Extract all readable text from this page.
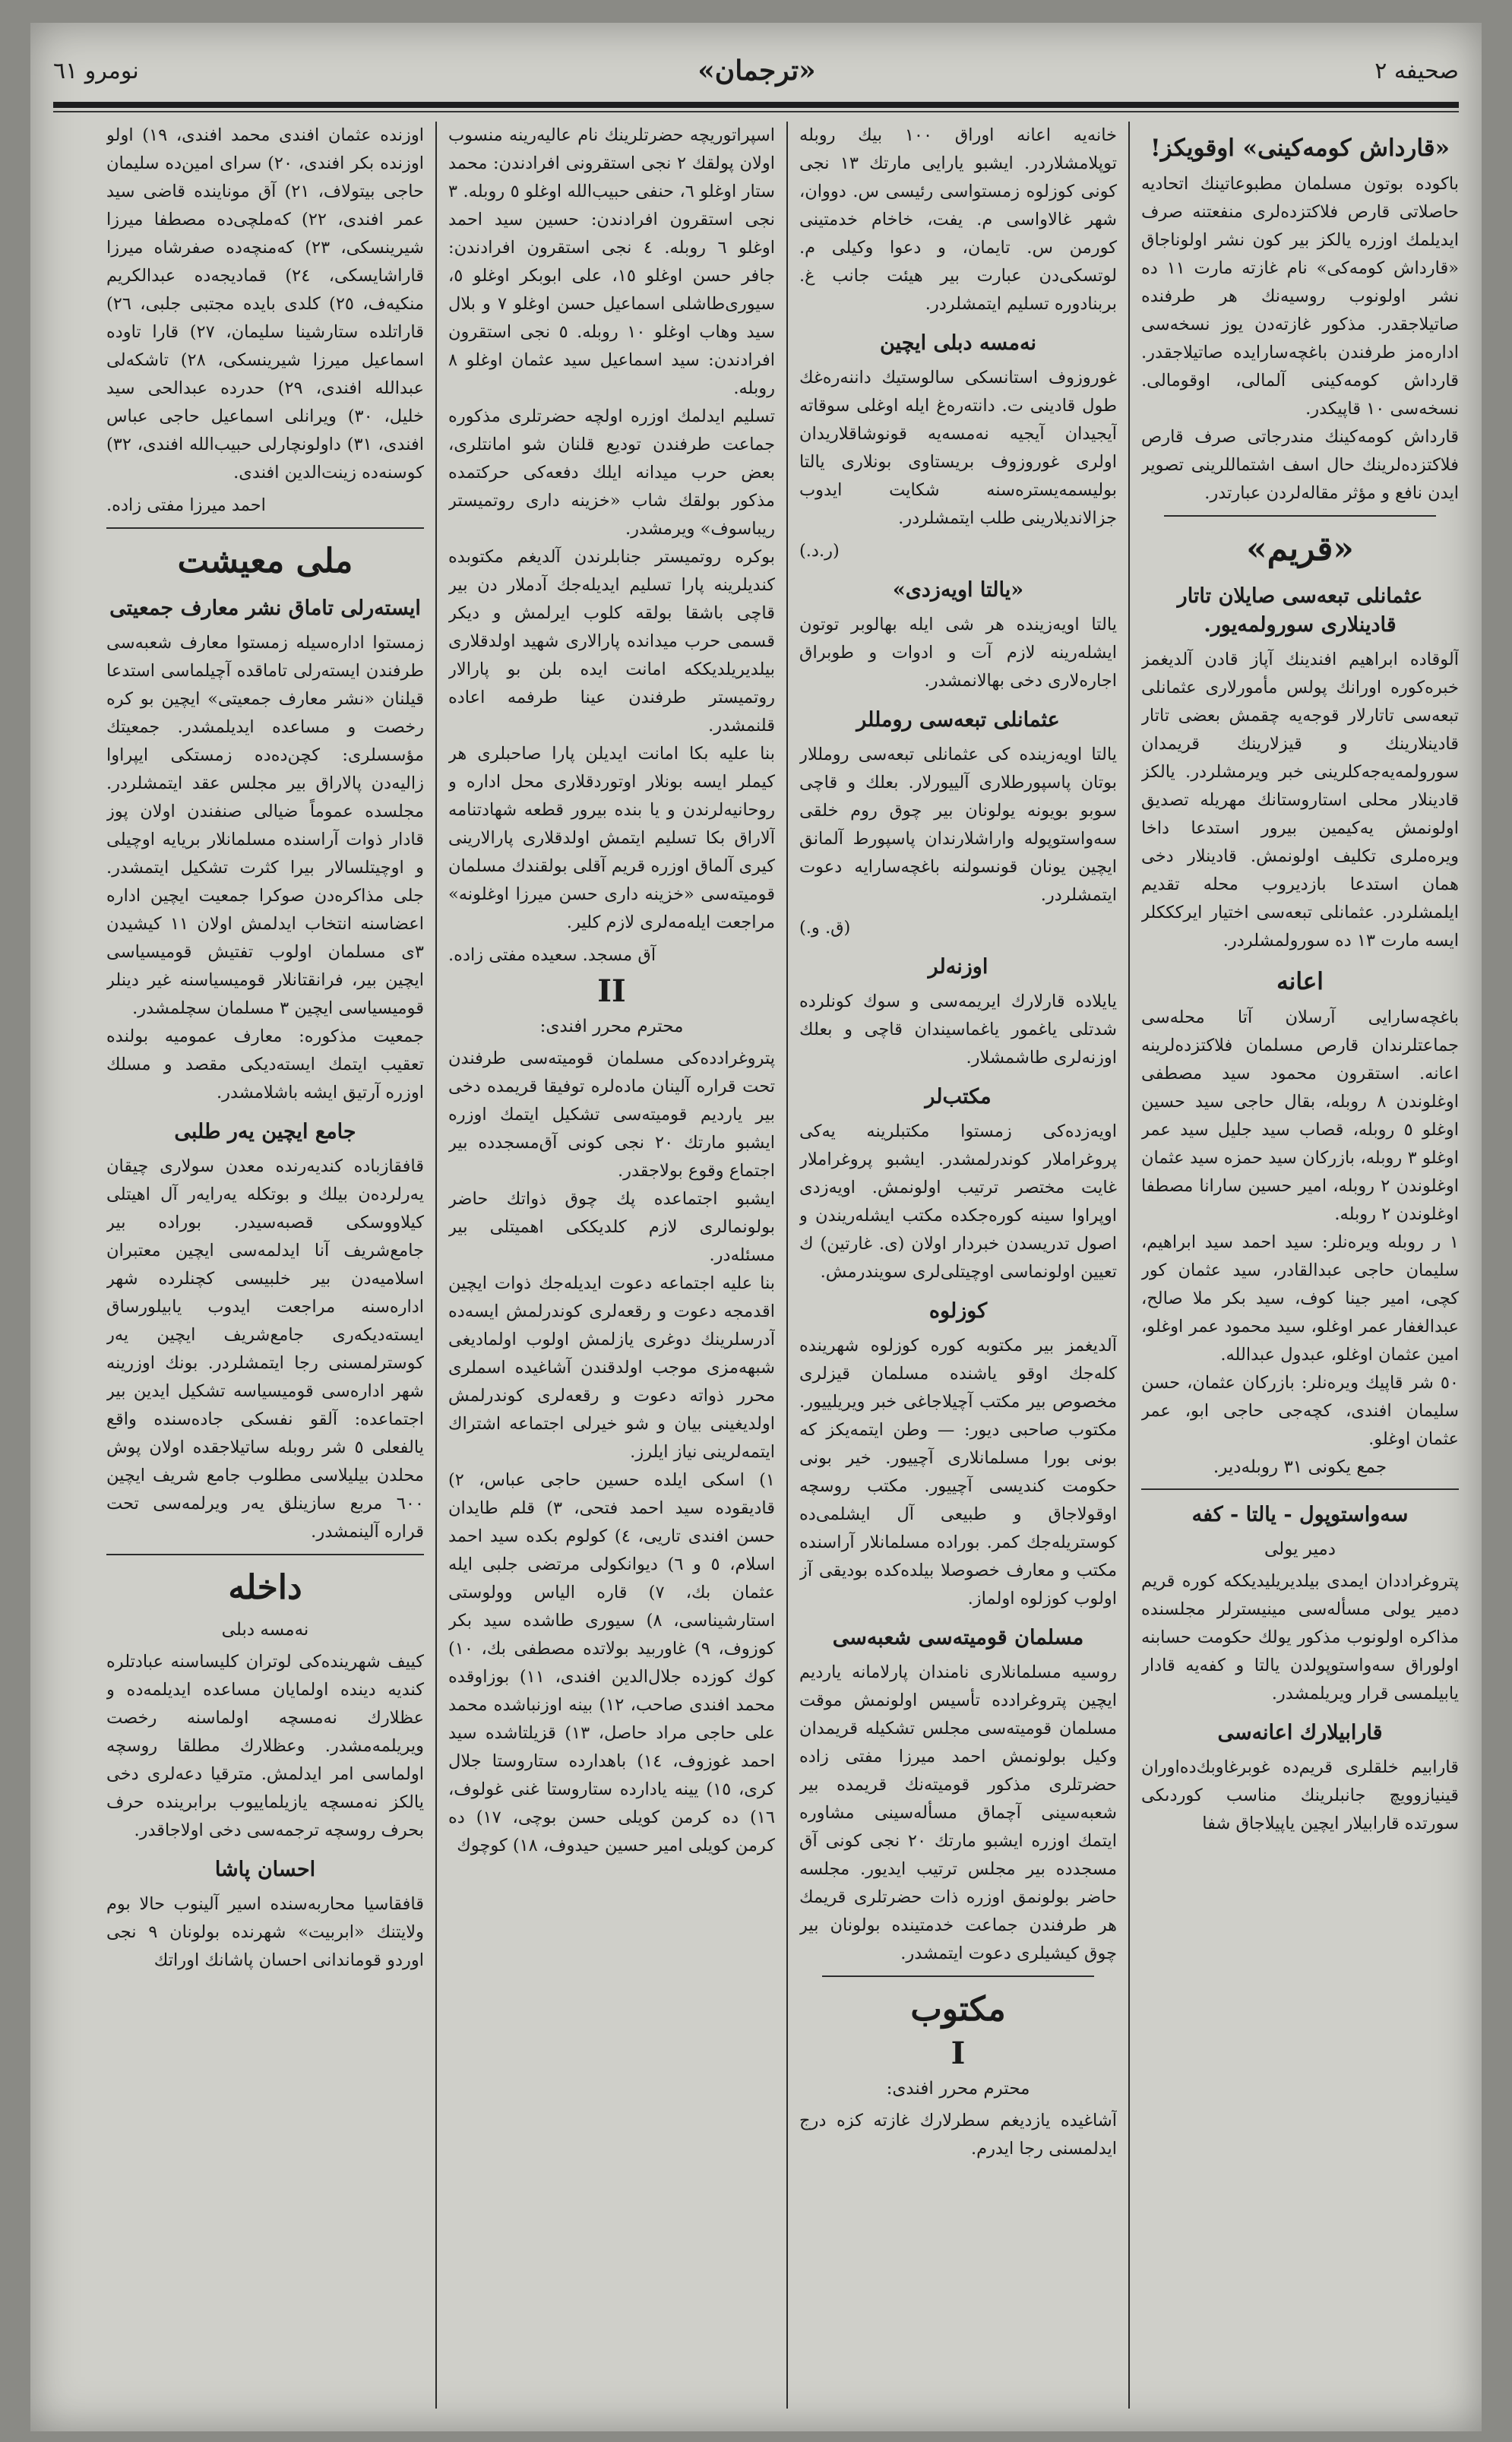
صحيفه ٢
«ترجمان»
نومرو ٦١
«قارداش كومه‌كينى» اوقويكز!

باكوده بوتون مسلمان مطبوعاتينك اتحاديه حاصلاتى قارص فلاكتزده‌لرى منفعتنه صرف ايديلمك اوزره يالكز بير كون نشر اولوناجاق «قارداش كومه‌كى» نام غازته مارت ١١ ده نشر اولونوب روسيه‌نك هر طرفنده صاتيلاجقدر. مذكور غازته‌دن يوز نسخه‌سى اداره‌مز طرفندن باغچه‌سارايده صاتيلاجقدر. قارداش كومه‌كينى آلمالى، اوقومالى. نسخه‌سى ١٠ قاپيكدر.

قارداش كومه‌كينك مندرجاتى صرف قارص فلاكتزده‌لرينك حال اسف اشتماللرينى تصوير ايدن نافع و مؤثر مقاله‌لردن عبارتدر.

«قريم»
عثمانلى تبعه‌سى صايلان تاتار قادينلارى سورولمه‌يور.

آلوقاده ابراهيم افندينك آپاز قادن آلديغمز خبره‌كوره اورانك پولس مأمورلارى عثمانلى تبعه‌سى تاتارلار قوجه‌يه چقمش بعضى تاتار قادينلارينك و قيزلارينك قريمدان سورولمه‌يه‌جه‌كلرينى خبر ويرمشلردر. يالكز قادينلار محلى استاروستانك مهريله تصديق اولونمش يه‌كيمين بيرور استدعا داخا ويره‌ملرى تكليف اولونمش. قادينلار دخى همان استدعا بازديروب محله تقديم ايلمشلردر. عثمانلى تبعه‌سى اختيار ايركككلر ايسه مارت ١٣ ده سورولمشلردر.

اعانه

باغچه‌سارايى آرسلان آتا محله‌سى جماعتلرندان قارص مسلمان فلاكتزده‌لرينه اعانه. استقرون محمود سيد مصطفى اوغلوندن ٨ روبله، بقال حاجى سيد حسين اوغلو ٥ روبله، قصاب سيد جليل سيد عمر اوغلو ٣ روبله، بازركان سيد حمزه سيد عثمان اوغلوندن ٢ روبله، امير حسين سارانا مصطفا اوغلوندن ٢ روبله.

١ ر روبله ويره‌نلر: سيد احمد سيد ابراهيم، سليمان حاجى عبدالقادر، سيد عثمان كور كچى، امير جينا كوف، سيد بكر ملا صالح، عبدالغفار عمر اوغلو، سيد محمود عمر اوغلو، امين عثمان اوغلو، عبدول عبدالله.

٥٠ شر قاپيك ويره‌نلر: بازركان عثمان، حسن سليمان افندى، كچه‌جى حاجى ابو، عمر عثمان اوغلو.

جمع يكونى ٣١ روبله‌دير.
سه‌واستوپول - يالتا - كفه
دمير يولى

پتروغراددان ايمدى بيلديريليديككه كوره قريم دمير يولى مسأله‌سى مينيسترلر مجلسنده مذاكره اولونوب مذكور يولك حكومت حسابنه اولوراق سه‌واستوپولدن يالتا و كفه‌يه قادار يابيلمسى قرار ويريلمشدر.

قارابيلارك اعانه‌سى

قارابيم خلقلرى قريم‌ده غوبرغاوبك‌ده‌اوران قينيازوويچ جانبلرينك مناسب كوردىكى سورتده قارابيلار ايچين ياپيلاجاق شفا

خانه‌يه اعانه اوراق ١٠٠ بيك روبله توپلامشلاردر. ايشبو يارايى مارتك ١٣ نجى كونى كوزلوه زمستواسى رئيسى س. دووان، شهر غالاواسى م. يفت، خاخام خدمتينى كورمن س. تايمان، و دعوا وكيلى م. لوتسكى‌دن عبارت بير هيئت جانب غ. بربنادوره تسليم ايتمشلردر.

نه‌مسه دبلى ايچين

غوروزوف استانسكى سالوستيك داننه‌ره‌غك طول قادينى ت. دانته‌ره‌غ ايله اوغلى سوقاته آيجيدان آيجيه نه‌مسه‌يه قونوشاقلاريدان اولرى غوروزوف بريستاوى بونلارى يالتا بوليسمه‌يستره‌سنه شكايت ايدوب جزالانديلارينى طلب ايتمشلردر.

(ر.د.)
«يالتا اويه‌زدى»

يالتا اويه‌زينده هر شى ايله بهالوبر توتون ايشله‌رينه لازم آت و ادوات و طوبراق اجاره‌لارى دخى بهالانمشدر.

عثمانلى تبعه‌سى رومللر

يالتا اويه‌زينده كى عثمانلى تبعه‌سى رومللار بوتان پاسپورطلارى آلييورلار. بعلك و قاچى سوبو بويونه يولونان بير چوق روم خلقى سه‌واستوپوله واراشلارندان پاسپورط آلمانق ايچين يونان قونسولنه باغچه‌سارايه دعوت ايتمشلردر.

(ق. و.)
اوزنه‌لر

يايلاده قارلارك ايريمه‌سى و سوك كونلرده شدتلى ياغمور ياغماسيندان قاچى و بعلك اوزنه‌لرى طاشمشلار.

مكتب‌لر

اويه‌زده‌كى زمستوا مكتبلرينه يه‌كى پروغراملار كوندرلمشدر. ايشبو پروغراملار غايت مختصر ترتيب اولونمش. اويه‌زدى اوپراوا سينه كوره‌جكده مكتب ايشله‌ريندن و اصول تدريسدن خبردار اولان (ى. غارتين) ك تعيين اولونماسى اوچيتلى‌لرى سويندرمش.

كوزلوه

آلديغمز بير مكتوبه كوره كوزلوه شهرينده كله‌جك اوقو ياشنده مسلمان قيزلرى مخصوص بير مكتب آچيلاجاغى خبر ويريلييور. مكتوب صاحبى ديور: — وطن ايتمه‌يكز كه بونى بورا مسلمانلارى آچييور. خير بونى حكومت كنديسى آچييور. مكتب روسچه اوقولاجاق و طبيعى آل ايشلمى‌ده كوستريله‌جك كمر. بوراده مسلمانلار آراسنده مكتب و معارف خصوصلا بيلده‌كده بوديقى آز اولوب كوزلوه اولماز.

مسلمان قوميته‌سى شعبه‌سى

روسيه مسلمانلارى نامندان پارلامانه يارديم ايچين پتروغرادده تأسيس اولونمش موقت مسلمان قوميته‌سى مجلس تشكيله قريمدان وكيل بولونمش احمد ميرزا مفتى زاده حضرتلرى مذكور قوميته‌نك قريمده بير شعبه‌سينى آچماق مسأله‌سينى مشاوره ايتمك اوزره ايشبو مارتك ٢٠ نجى كونى آق مسجدده بير مجلس ترتيب ايديور. مجلسه حاضر بولونمق اوزره ذات حضرتلرى قريمك هر طرفندن جماعت خدمتينده بولونان بير چوق كيشيلرى دعوت ايتمشدر.

مكتوب
I
محترم محرر افندى:

آشاغيده يازديغم سطرلارك غازته كزه درج ايدلمسنى رجا ايدرم.

اسپراتوريچه حضرتلرينك نام عاليه‌رينه منسوب اولان پولقك ٢ نجى استقرونى افرادندن: محمد ستار اوغلو ٦، حنفى حبيب‌الله اوغلو ٥ روبله. ٣ نجى استقرون افرادندن: حسين سيد احمد اوغلو ٦ روبله. ٤ نجى استقرون افرادندن: جافر حسن اوغلو ١٥، على ابوبكر اوغلو ٥، سيورى‌طاشلى اسماعيل حسن اوغلو ٧ و بلال سيد وهاب اوغلو ١٠ روبله. ٥ نجى استقرون افرادندن: سيد اسماعيل سيد عثمان اوغلو ٨ روبله.

تسليم ايدلمك اوزره اولچه حضرتلرى مذكوره جماعت طرفندن توديع قلنان شو امانتلرى، بعض حرب ميدانه ايلك دفعه‌كى حركتمده مذكور بولقك شاب «خزينه دارى روتميستر ريباسوف» ويرمشدر.

بوكره روتميستر جنابلرندن آلديغم مكتوبده كنديلرينه پارا تسليم ايديله‌جك آدملار دن بير قاچى باشقا بولقه كلوب ايرلمش و ديكر قسمى حرب ميدانده پارالارى شهيد اولدقلارى بيلديريلديككه امانت ايده بلن بو پارالار روتميستر طرفندن عينا طرفمه اعاده قلنمشدر.

بنا عليه بكا امانت ايديلن پارا صاحبلرى هر كيملر ايسه بونلار اوتوردقلارى محل اداره و روحانيه‌لرندن و يا بنده بيرور قطعه شهادتنامه آلاراق بكا تسليم ايتمش اولدقلارى پارالارينى كيرى آلماق اوزره قريم آقلى بولقندك مسلمان قوميته‌سى «خزينه دارى حسن ميرزا اوغلونه» مراجعت ايله‌مه‌لرى لازم كلير.

آق مسجد. سعيده مفتى زاده.
II
محترم محرر افندى:

پتروغرادده‌كى مسلمان قوميته‌سى طرفندن تحت قراره آلينان ماده‌لره توفيقا قريمده دخى بير يارديم قوميته‌سى تشكيل ايتمك اوزره ايشبو مارتك ٢٠ نجى كونى آق‌مسجدده بير اجتماع وقوع بولاجقدر.

ايشبو اجتماعده پك چوق ذواتك حاضر بولونمالرى لازم كلديككى اهميتلى بير مسئله‌در.

بنا عليه اجتماعه دعوت ايديله‌جك ذوات ايچين اقدمجه دعوت و رقعه‌لرى كوندرلمش ايسه‌ده آدرسلرينك دوغرى يازلمش اولوب اولماديغى شبهه‌مزى موجب اولدقندن آشاغيده اسملرى محرر ذواته دعوت و رقعه‌لرى كوندرلمش اولديغينى بيان و شو خيرلى اجتماعه اشتراك ايتمه‌لرينى نياز ايلرز.

١) اسكى ايلده حسين حاجى عباس، ٢) قاديقوده سيد احمد فتحى، ٣) قلم طايدان حسن افندى تاريى، ٤) كولوم بكده سيد احمد اسلام، ٥ و ٦) ديوانكولى مرتضى جلبى ايله عثمان بك، ٧) قاره الياس وولوستى استارشيناسى، ٨) سيورى طاشده سيد بكر كوزوف، ٩) غاوربيد بولاتده مصطفى بك، ١٠) كوك كوزده جلال‌الدين افندى، ١١) بوزاوقده محمد افندى صاحب، ١٢) بينه اوزنباشده محمد على حاجى مراد حاصل، ١٣) قزيلتاشده سيد احمد غوزوف، ١٤) باهدارده ستاروستا جلال كرى، ١٥) يينه يادارده ستاروستا غنى غولوف، ١٦) ده كرمن كويلى حسن بوچى، ١٧) ده كرمن كويلى امير حسين حيدوف، ١٨) كوچوك

اوزنده عثمان افندى محمد افندى، ١٩) اولو اوزنده بكر افندى، ٢٠) سراى امين‌ده سليمان حاجى بيتولاف، ٢١) آق موناينده قاضى سيد عمر افندى، ٢٢) كه‌ملچى‌ده مصطفا ميرزا شيرينسكى، ٢٣) كه‌منچه‌ده صفرشاه ميرزا قاراشايسكى، ٢٤) قماديجه‌ده عبدالكريم منكيه‌ف، ٢٥) كلدى بايده مجتبى جلبى، ٢٦) قاراتلده ستارشينا سليمان، ٢٧) قارا تاوده اسماعيل ميرزا شيرينسكى، ٢٨) تاشكه‌لى عبدالله افندى، ٢٩) حدرده عبدالحى سيد خليل، ٣٠) ويرانلى اسماعيل حاجى عباس افندى، ٣١) داولونچارلى حبيب‌الله افندى، ٣٢) كوسنه‌ده زينت‌الدين افندى.

احمد ميرزا مفتى زاده.
ملى معيشت
ايسته‌رلى تاماق نشر معارف جمعيتى

زمستوا اداره‌سيله زمستوا معارف شعبه‌سى طرفندن ايسته‌رلى تاماقده آچيلماسى استدعا قيلنان «نشر معارف جمعيتى» ايچين بو كره رخصت و مساعده ايديلمشدر. جمعيتك مؤسسلرى: كچن‌ده‌ده زمستكى ايپراوا زاليه‌دن پالاراق بير مجلس عقد ايتمشلردر. مجلسده عموماً ضيالى صنفندن اولان پوز قادار ذوات آراسنده مسلمانلار بريايه اوچيلى و اوچيتلسالار بيرا كثرت تشكيل ايتمشدر. جلى مذاكره‌دن صوكرا جمعيت ايچين اداره اعضاسنه انتخاب ايدلمش اولان ١١ كيشيدن ٣ى مسلمان اولوب تفتيش قوميسياسى ايچين بير، فرانقتانلار قوميسياسنه غير دينلر قوميسياسى ايچين ٣ مسلمان سچلمشدر.

جمعيت مذكوره: معارف عموميه بولنده تعقيب ايتمك ايسته‌ديكى مقصد و مسلك اوزره آرتيق ايشه باشلامشدر.

جامع ايچين يه‌ر طلبى

قافقاز‌باده كنديه‌رنده معدن سولارى چيقان يه‌رلرده‌ن بيلك و بوتكله يه‌رايه‌ر آل اهيتلى كيلاووسكى قصبه‌سيدر. بوراده بير جامع‌شريف آنا ايدلمه‌سى ايچين معتبران اسلاميه‌دن بير خلبيسى كچنلرده شهر اداره‌سنه مراجعت ايدوب يابيلورساق ايسته‌ديكه‌رى جامع‌شريف ايچين يه‌ر كوسترلمسنى رجا ايتمشلردر. بونك اوزرينه شهر اداره‌سى قوميسياسه تشكيل ايدين بير اجتماعده: آلقو نفسكى جاده‌سنده واقع يالفعلى ٥ شر روبله ساتيلاجقده اولان پوش محلدن بيليلاسى مطلوب جامع شريف ايچين ٦٠٠ مربع سازينلق يه‌ر ويرلمه‌سى تحت قراره آلينمشدر.

داخله
نه‌مسه دبلى

كييف شهرينده‌كى لوتران كليساسنه عبادتلره كنديه دينده اولمايان مساعده ايديلمه‌ده و عظلارك نه‌مسچه اولماسنه رخصت ويريلمه‌مشدر. وعظلارك مطلقا روسچه اولماسى امر ايدلمش. مترقيا دعه‌لرى دخى يالكز نه‌مسچه يازيلماييوب برابرينده حرف بحرف روسچه ترجمه‌سى دخى اولاجاقدر.

احسان پاشا

قافقاسيا محاربه‌سنده اسير آلينوب حالا بوم ولايتنك «ابربيت» شهرنده بولونان ٩ نجى اوردو قوماندانى احسان پاشانك اوراتك
